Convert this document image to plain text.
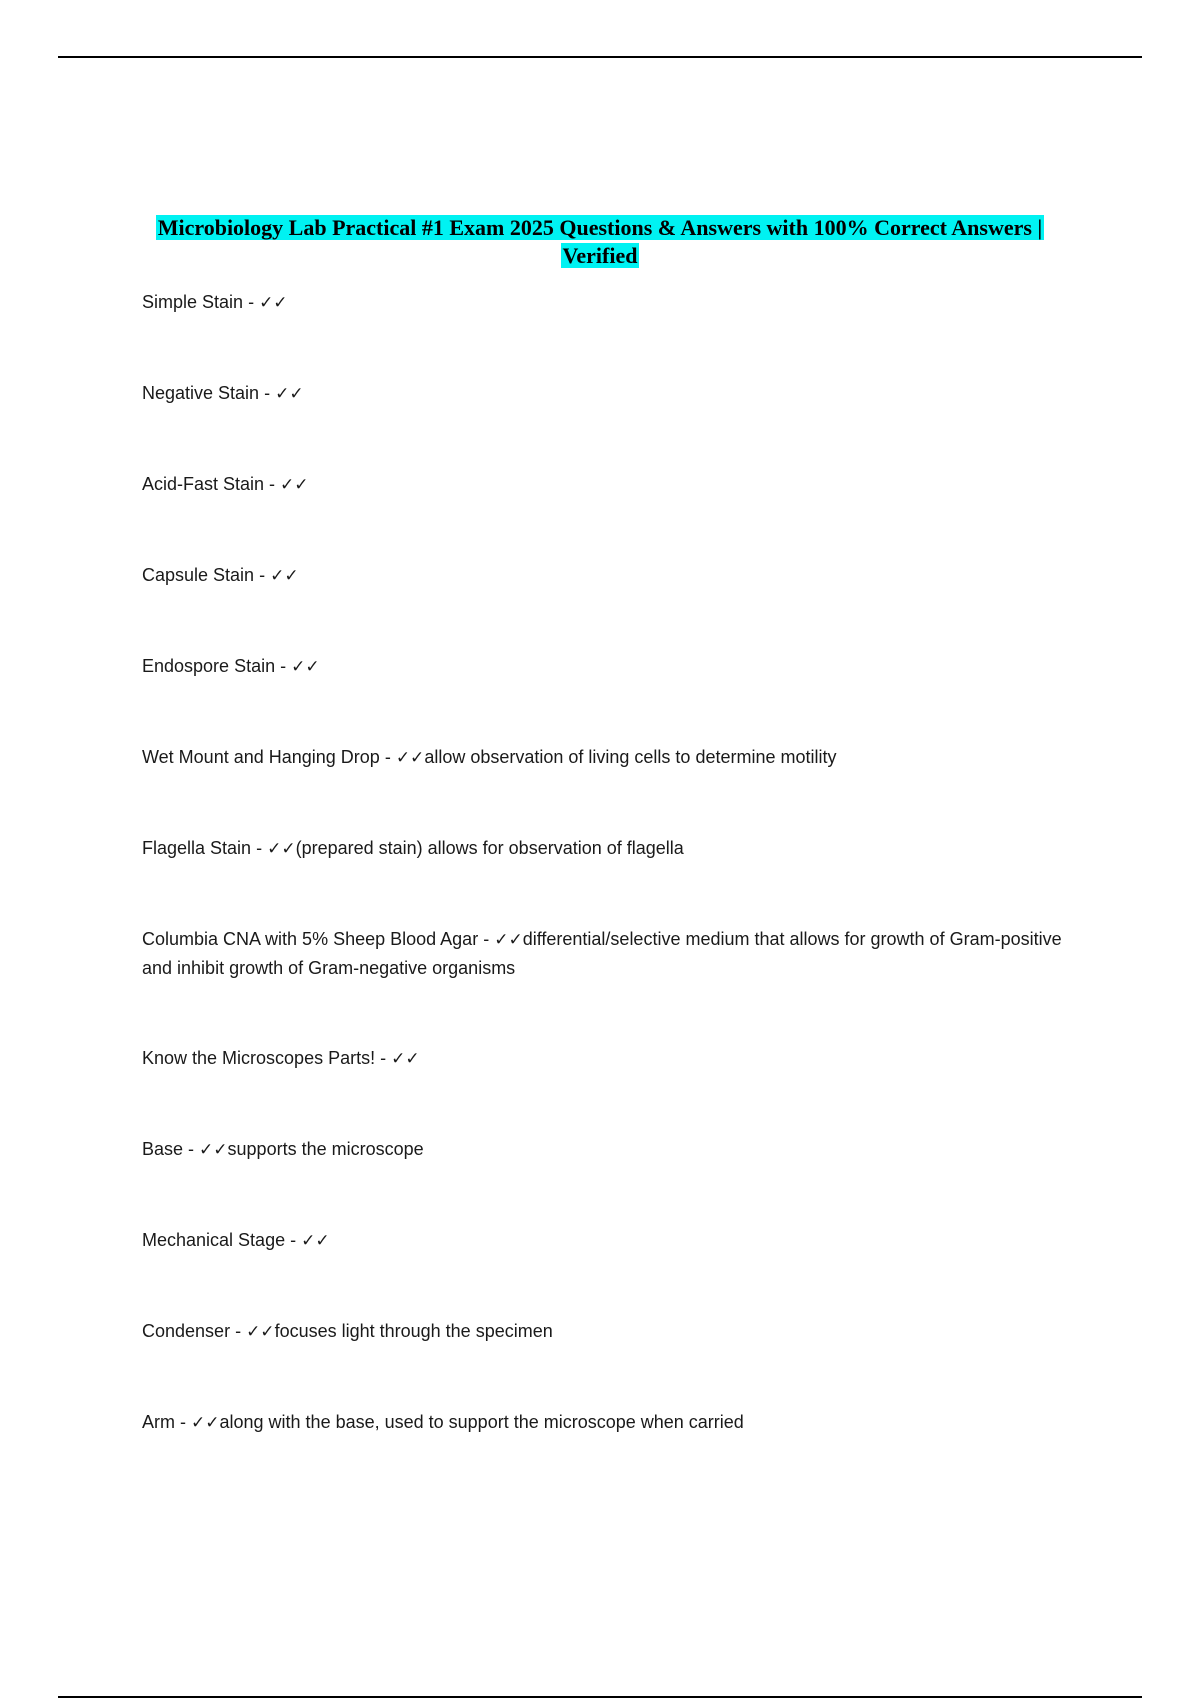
Microbiology Lab Practical #1 Exam 2025 Questions & Answers with 100% Correct Answers | Verified

Simple Stain - ✓✓

Negative Stain - ✓✓

Acid-Fast Stain - ✓✓

Capsule Stain - ✓✓

Endospore Stain - ✓✓

Wet Mount and Hanging Drop - ✓✓allow observation of living cells to determine motility

Flagella Stain - ✓✓(prepared stain) allows for observation of flagella

Columbia CNA with 5% Sheep Blood Agar - ✓✓differential/selective medium that allows for growth of Gram-positive and inhibit growth of Gram-negative organisms

Know the Microscopes Parts! - ✓✓

Base - ✓✓supports the microscope

Mechanical Stage - ✓✓

Condenser - ✓✓focuses light through the specimen

Arm - ✓✓along with the base, used to support the microscope when carried
